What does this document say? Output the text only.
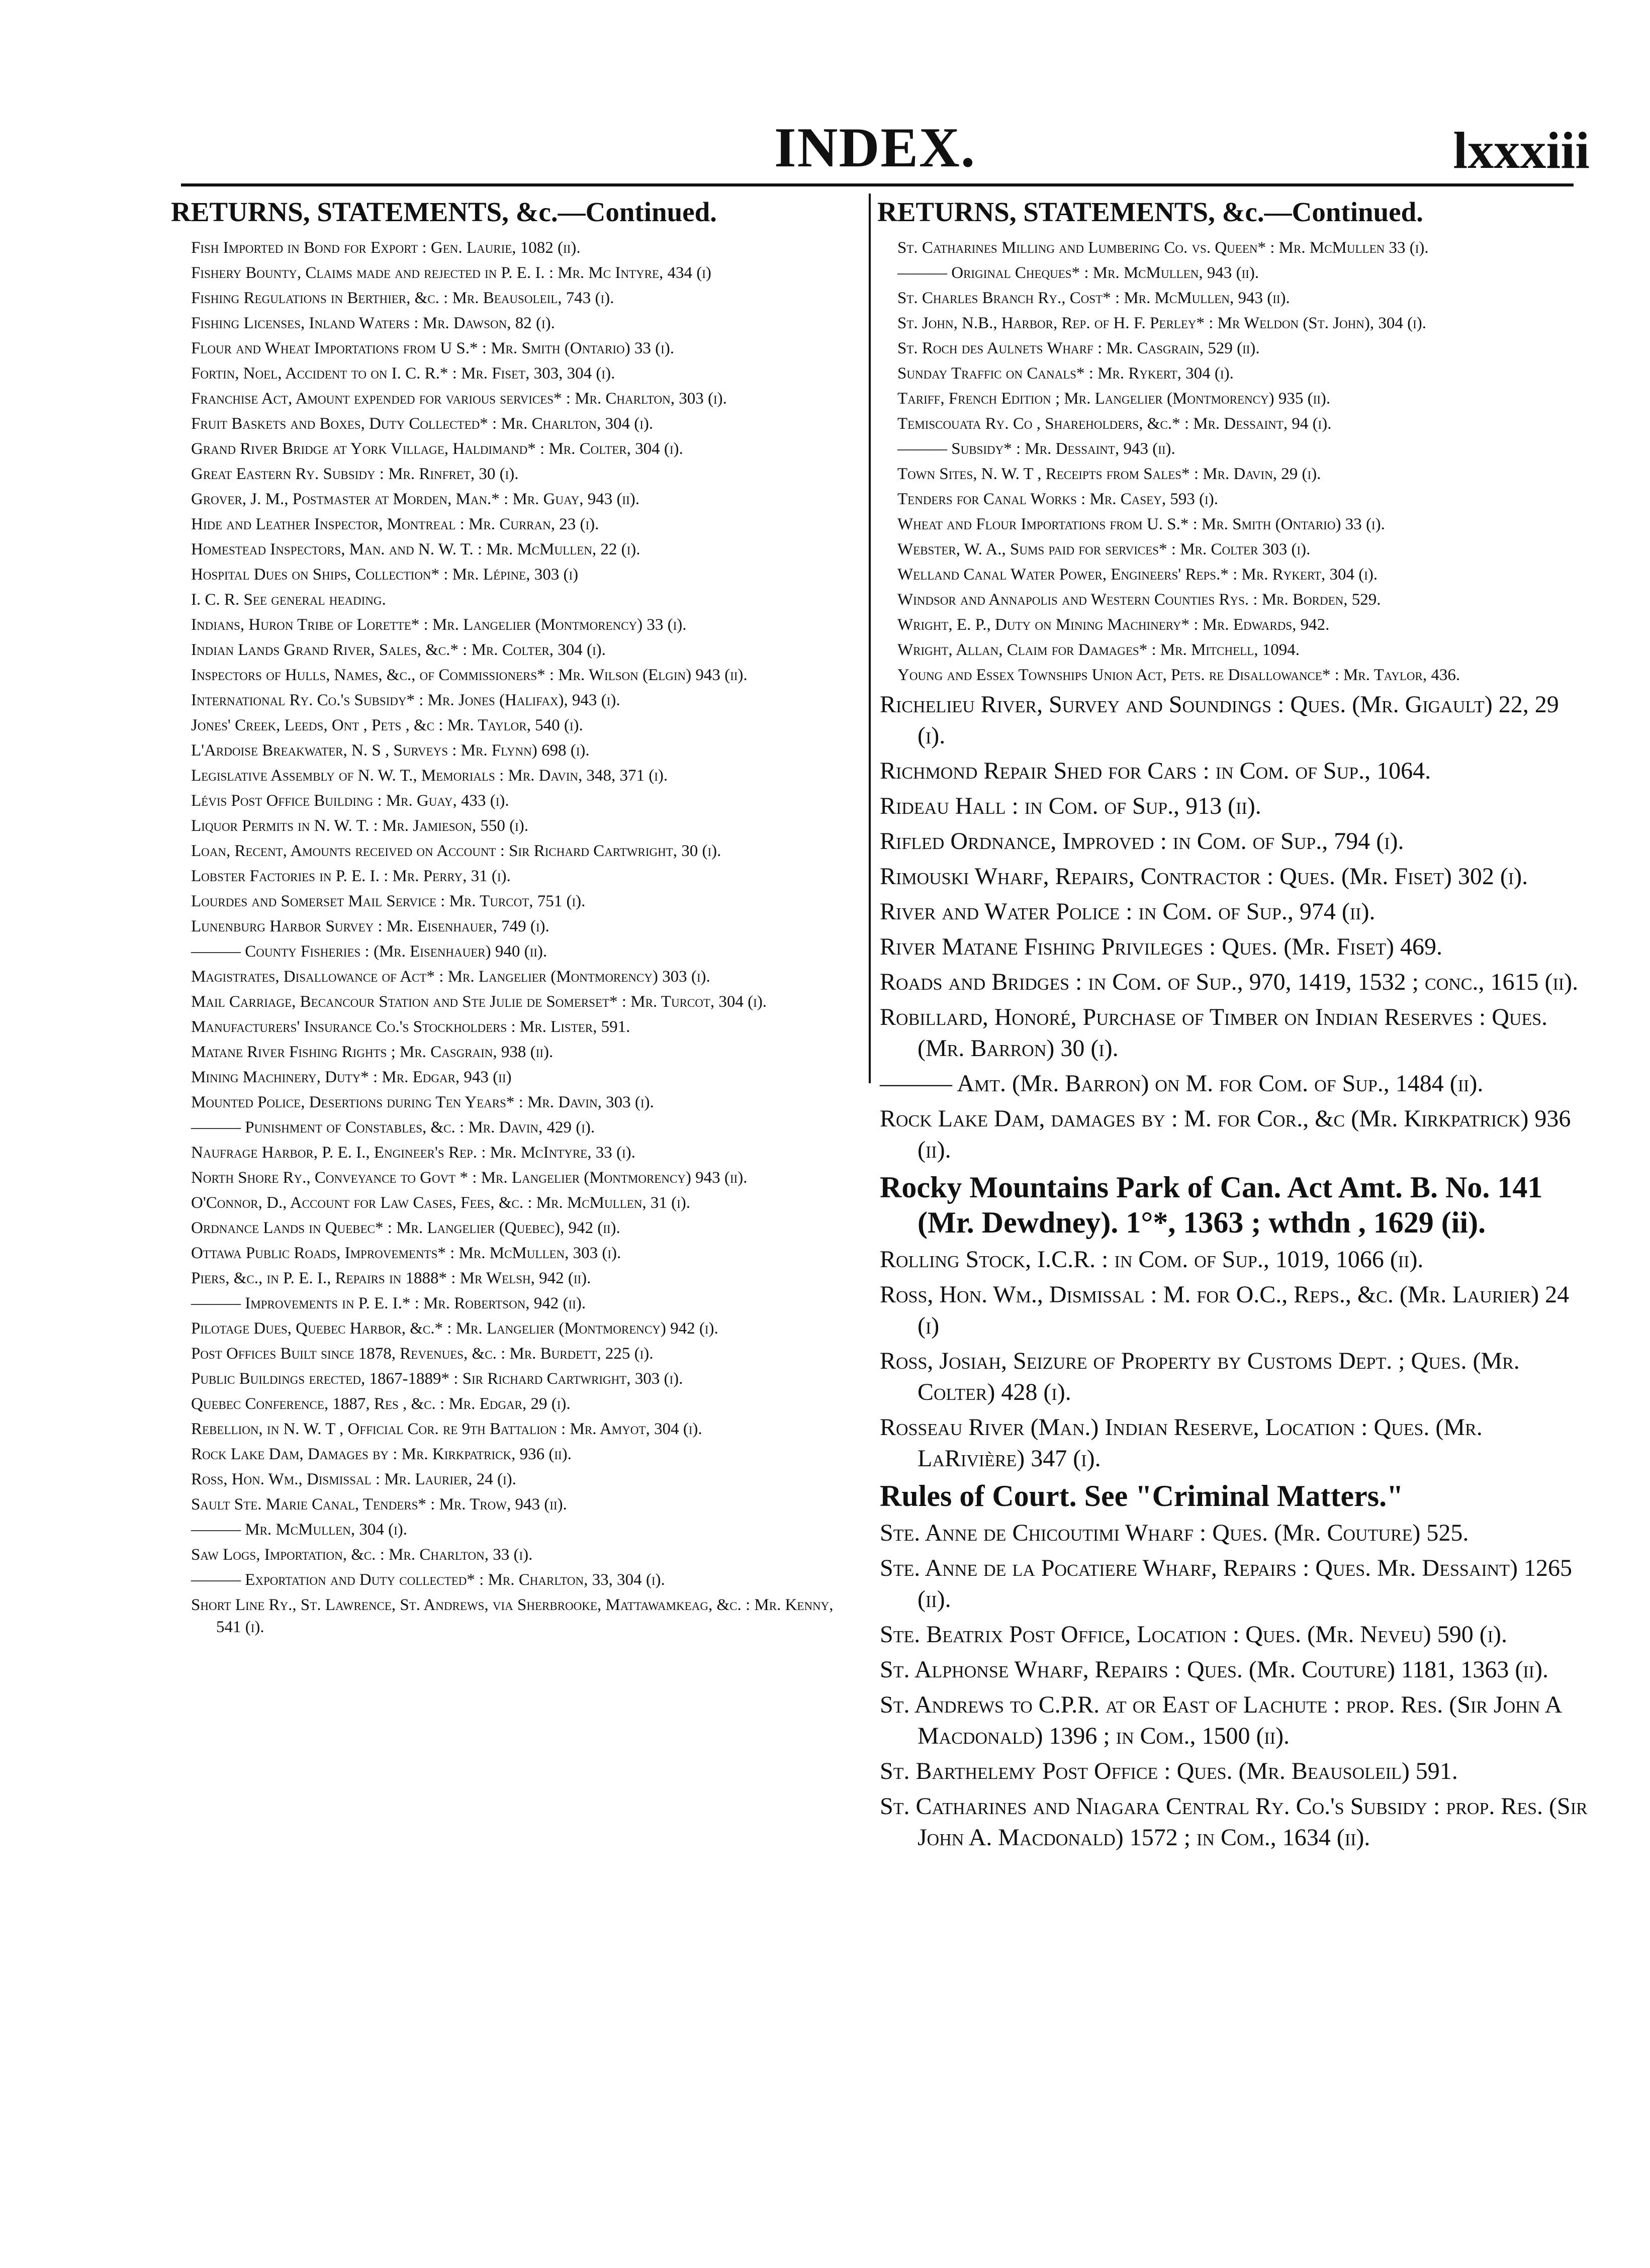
INDEX.	lxxxiii
RETURNS, STATEMENTS, &c.—Continued.

Fish Imported in Bond for Export : Gen. Laurie, 1082 (ii).

Fishery Bounty, Claims made and rejected in P. E. I. : Mr. Mc Intyre, 434 (i)

Fishing Regulations in Berthier, &c. : Mr. Beausoleil, 743 (i).

Fishing Licenses, Inland Waters : Mr. Dawson, 82 (i).

Flour and Wheat Importations from U S.* : Mr. Smith (Ontario) 33 (i).

Fortin, Noel, Accident to on I. C. R.* : Mr. Fiset, 303, 304 (i).

Franchise Act, Amount expended for various services* : Mr. Charlton, 303 (i).

Fruit Baskets and Boxes, Duty Collected* : Mr. Charlton, 304 (i).

Grand River Bridge at York Village, Haldimand* : Mr. Colter, 304 (i).

Great Eastern Ry. Subsidy : Mr. Rinfret, 30 (i).

Grover, J. M., Postmaster at Morden, Man.* : Mr. Guay, 943 (ii).

Hide and Leather Inspector, Montreal : Mr. Curran, 23 (i).

Homestead Inspectors, Man. and N. W. T. : Mr. McMullen, 22 (i).

Hospital Dues on Ships, Collection* : Mr. Lépine, 303 (i)

I. C. R. See general heading.

Indians, Huron Tribe of Lorette* : Mr. Langelier (Montmorency) 33 (i).

Indian Lands Grand River, Sales, &c.* : Mr. Colter, 304 (i).

Inspectors of Hulls, Names, &c., of Commissioners* : Mr. Wilson (Elgin) 943 (ii).

International Ry. Co.'s Subsidy* : Mr. Jones (Halifax), 943 (i).

Jones' Creek, Leeds, Ont , Pets , &c : Mr. Taylor, 540 (i).

L'Ardoise Breakwater, N. S , Surveys : Mr. Flynn) 698 (i).

Legislative Assembly of N. W. T., Memorials : Mr. Davin, 348, 371 (i).

Lévis Post Office Building : Mr. Guay, 433 (i).

Liquor Permits in N. W. T. : Mr. Jamieson, 550 (i).

Loan, Recent, Amounts received on Account : Sir Richard Cartwright, 30 (i).

Lobster Factories in P. E. I. : Mr. Perry, 31 (i).

Lourdes and Somerset Mail Service : Mr. Turcot, 751 (i).

Lunenburg Harbor Survey : Mr. Eisenhauer, 749 (i).

——— County Fisheries : (Mr. Eisenhauer) 940 (ii).

Magistrates, Disallowance of Act* : Mr. Langelier (Montmorency) 303 (i).

Mail Carriage, Becancour Station and Ste Julie de Somerset* : Mr. Turcot, 304 (i).

Manufacturers' Insurance Co.'s Stockholders : Mr. Lister, 591.

Matane River Fishing Rights ; Mr. Casgrain, 938 (ii).

Mining Machinery, Duty* : Mr. Edgar, 943 (ii)

Mounted Police, Desertions during Ten Years* : Mr. Davin, 303 (i).

——— Punishment of Constables, &c. : Mr. Davin, 429 (i).

Naufrage Harbor, P. E. I., Engineer's Rep. : Mr. McIntyre, 33 (i).

North Shore Ry., Conveyance to Govt * : Mr. Langelier (Montmorency) 943 (ii).

O'Connor, D., Account for Law Cases, Fees, &c. : Mr. McMullen, 31 (i).

Ordnance Lands in Quebec* : Mr. Langelier (Quebec), 942 (ii).

Ottawa Public Roads, Improvements* : Mr. McMullen, 303 (i).

Piers, &c., in P. E. I., Repairs in 1888* : Mr Welsh, 942 (ii).

——— Improvements in P. E. I.* : Mr. Robertson, 942 (ii).

Pilotage Dues, Quebec Harbor, &c.* : Mr. Langelier (Montmorency) 942 (i).

Post Offices Built since 1878, Revenues, &c. : Mr. Burdett, 225 (i).

Public Buildings erected, 1867-1889* : Sir Richard Cartwright, 303 (i).

Quebec Conference, 1887, Res , &c. : Mr. Edgar, 29 (i).

Rebellion, in N. W. T , Official Cor. re 9th Battalion : Mr. Amyot, 304 (i).

Rock Lake Dam, Damages by : Mr. Kirkpatrick, 936 (ii).

Ross, Hon. Wm., Dismissal : Mr. Laurier, 24 (i).

Sault Ste. Marie Canal, Tenders* : Mr. Trow, 943 (ii).

——— Mr. McMullen, 304 (i).

Saw Logs, Importation, &c. : Mr. Charlton, 33 (i).

——— Exportation and Duty collected* : Mr. Charlton, 33, 304 (i).

Short Line Ry., St. Lawrence, St. Andrews, via Sherbrooke, Mattawamkeag, &c. : Mr. Kenny, 541 (i).

RETURNS, STATEMENTS, &c.—Continued.

St. Catharines Milling and Lumbering Co. vs. Queen* : Mr. McMullen 33 (i).

——— Original Cheques* : Mr. McMullen, 943 (ii).

St. Charles Branch Ry., Cost* : Mr. McMullen, 943 (ii).

St. John, N.B., Harbor, Rep. of H. F. Perley* : Mr Weldon (St. John), 304 (i).

St. Roch des Aulnets Wharf : Mr. Casgrain, 529 (ii).

Sunday Traffic on Canals* : Mr. Rykert, 304 (i).

Tariff, French Edition ; Mr. Langelier (Montmorency) 935 (ii).

Temiscouata Ry. Co , Shareholders, &c.* : Mr. Dessaint, 94 (i).

——— Subsidy* : Mr. Dessaint, 943 (ii).

Town Sites, N. W. T , Receipts from Sales* : Mr. Davin, 29 (i).

Tenders for Canal Works : Mr. Casey, 593 (i).

Wheat and Flour Importations from U. S.* : Mr. Smith (Ontario) 33 (i).

Webster, W. A., Sums paid for services* : Mr. Colter 303 (i).

Welland Canal Water Power, Engineers' Reps.* : Mr. Rykert, 304 (i).

Windsor and Annapolis and Western Counties Rys. : Mr. Borden, 529.

Wright, E. P., Duty on Mining Machinery* : Mr. Edwards, 942.

Wright, Allan, Claim for Damages* : Mr. Mitchell, 1094.

Young and Essex Townships Union Act, Pets. re Disallowance* : Mr. Taylor, 436.

Richelieu River, Survey and Soundings : Ques. (Mr. Gigault) 22, 29 (i).

Richmond Repair Shed for Cars : in Com. of Sup., 1064.

Rideau Hall : in Com. of Sup., 913 (ii).

Rifled Ordnance, Improved : in Com. of Sup., 794 (i).

Rimouski Wharf, Repairs, Contractor : Ques. (Mr. Fiset) 302 (i).

River and Water Police : in Com. of Sup., 974 (ii).

River Matane Fishing Privileges : Ques. (Mr. Fiset) 469.

Roads and Bridges : in Com. of Sup., 970, 1419, 1532 ; conc., 1615 (ii).

Robillard, Honoré, Purchase of Timber on Indian Reserves : Ques. (Mr. Barron) 30 (i).

——— Amt. (Mr. Barron) on M. for Com. of Sup., 1484 (ii).

Rock Lake Dam, damages by : M. for Cor., &c (Mr. Kirkpatrick) 936 (ii).

Rocky Mountains Park of Can. Act Amt. B. No. 141 (Mr. Dewdney). 1°*, 1363 ; wthdn , 1629 (ii).

Rolling Stock, I.C.R. : in Com. of Sup., 1019, 1066 (ii).

Ross, Hon. Wm., Dismissal : M. for O.C., Reps., &c. (Mr. Laurier) 24 (i)

Ross, Josiah, Seizure of Property by Customs Dept. ; Ques. (Mr. Colter) 428 (i).

Rosseau River (Man.) Indian Reserve, Location : Ques. (Mr. LaRivière) 347 (i).

Rules of Court. See "Criminal Matters."

Ste. Anne de Chicoutimi Wharf : Ques. (Mr. Couture) 525.

Ste. Anne de la Pocatiere Wharf, Repairs : Ques. Mr. Dessaint) 1265 (ii).

Ste. Beatrix Post Office, Location : Ques. (Mr. Neveu) 590 (i).

St. Alphonse Wharf, Repairs : Ques. (Mr. Couture) 1181, 1363 (ii).

St. Andrews to C.P.R. at or East of Lachute : prop. Res. (Sir John A Macdonald) 1396 ; in Com., 1500 (ii).

St. Barthelemy Post Office : Ques. (Mr. Beausoleil) 591.

St. Catharines and Niagara Central Ry. Co.'s Subsidy : prop. Res. (Sir John A. Macdonald) 1572 ; in Com., 1634 (ii).
